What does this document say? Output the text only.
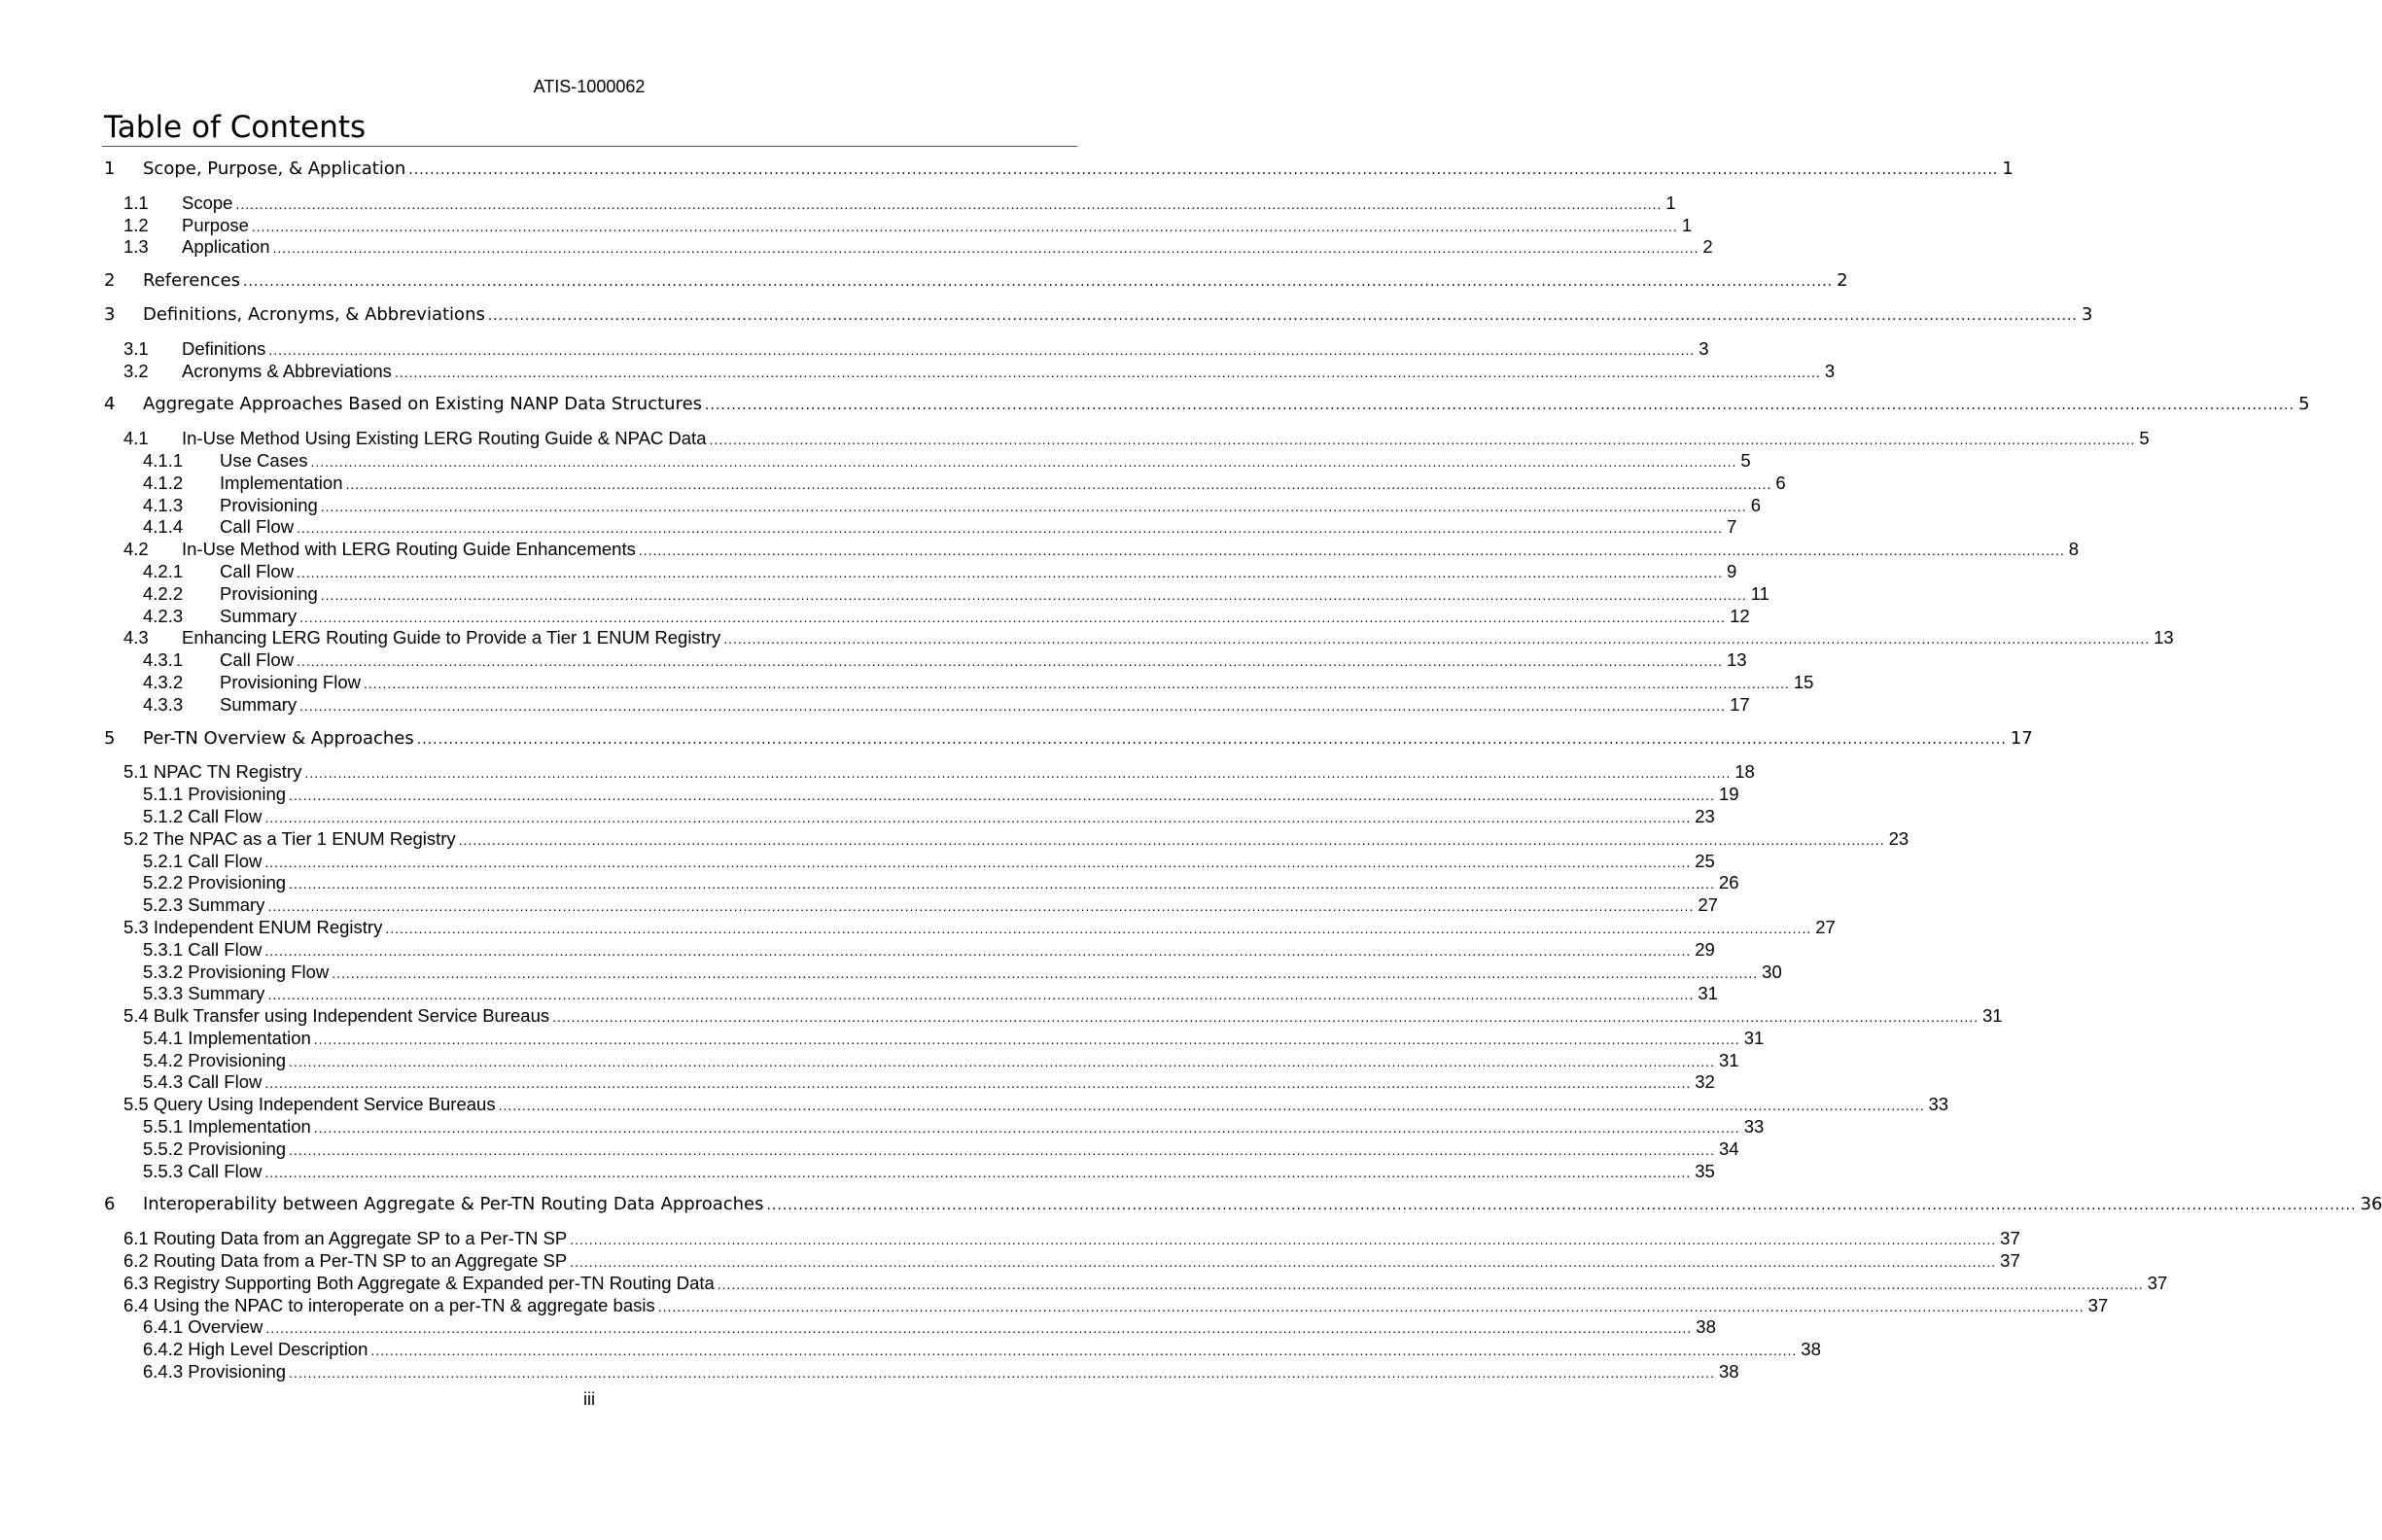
ATIS-1000062
Table of Contents
1 Scope, Purpose, & Application ............................................................................................................................................................................................................................................................................................................ 1
1.1 Scope ............................................................................................................................................................................................................................................................................................................ 1
1.2 Purpose ............................................................................................................................................................................................................................................................................................................ 1
1.3 Application ............................................................................................................................................................................................................................................................................................................ 2
2 References ............................................................................................................................................................................................................................................................................................................ 2
3 Definitions, Acronyms, & Abbreviations ............................................................................................................................................................................................................................................................................................................ 3
3.1 Definitions ............................................................................................................................................................................................................................................................................................................ 3
3.2 Acronyms & Abbreviations ............................................................................................................................................................................................................................................................................................................ 3
4 Aggregate Approaches Based on Existing NANP Data Structures ............................................................................................................................................................................................................................................................................................................ 5
4.1 In-Use Method Using Existing LERG Routing Guide & NPAC Data ............................................................................................................................................................................................................................................................................................................ 5
4.1.1 Use Cases ............................................................................................................................................................................................................................................................................................................ 5
4.1.2 Implementation ............................................................................................................................................................................................................................................................................................................ 6
4.1.3 Provisioning ............................................................................................................................................................................................................................................................................................................ 6
4.1.4 Call Flow ............................................................................................................................................................................................................................................................................................................ 7
4.2 In-Use Method with LERG Routing Guide Enhancements ............................................................................................................................................................................................................................................................................................................ 8
4.2.1 Call Flow ............................................................................................................................................................................................................................................................................................................ 9
4.2.2 Provisioning ............................................................................................................................................................................................................................................................................................................ 11
4.2.3 Summary ............................................................................................................................................................................................................................................................................................................ 12
4.3 Enhancing LERG Routing Guide to Provide a Tier 1 ENUM Registry ............................................................................................................................................................................................................................................................................................................ 13
4.3.1 Call Flow ............................................................................................................................................................................................................................................................................................................ 13
4.3.2 Provisioning Flow ............................................................................................................................................................................................................................................................................................................ 15
4.3.3 Summary ............................................................................................................................................................................................................................................................................................................ 17
5 Per-TN Overview & Approaches ............................................................................................................................................................................................................................................................................................................ 17
5.1 NPAC TN Registry ............................................................................................................................................................................................................................................................................................................ 18
5.1.1 Provisioning ............................................................................................................................................................................................................................................................................................................ 19
5.1.2 Call Flow ............................................................................................................................................................................................................................................................................................................ 23
5.2 The NPAC as a Tier 1 ENUM Registry ............................................................................................................................................................................................................................................................................................................ 23
5.2.1 Call Flow ............................................................................................................................................................................................................................................................................................................ 25
5.2.2 Provisioning ............................................................................................................................................................................................................................................................................................................ 26
5.2.3 Summary ............................................................................................................................................................................................................................................................................................................ 27
5.3 Independent ENUM Registry ............................................................................................................................................................................................................................................................................................................ 27
5.3.1 Call Flow ............................................................................................................................................................................................................................................................................................................ 29
5.3.2 Provisioning Flow ............................................................................................................................................................................................................................................................................................................ 30
5.3.3 Summary ............................................................................................................................................................................................................................................................................................................ 31
5.4 Bulk Transfer using Independent Service Bureaus ............................................................................................................................................................................................................................................................................................................ 31
5.4.1 Implementation ............................................................................................................................................................................................................................................................................................................ 31
5.4.2 Provisioning ............................................................................................................................................................................................................................................................................................................ 31
5.4.3 Call Flow ............................................................................................................................................................................................................................................................................................................ 32
5.5 Query Using Independent Service Bureaus ............................................................................................................................................................................................................................................................................................................ 33
5.5.1 Implementation ............................................................................................................................................................................................................................................................................................................ 33
5.5.2 Provisioning ............................................................................................................................................................................................................................................................................................................ 34
5.5.3 Call Flow ............................................................................................................................................................................................................................................................................................................ 35
6 Interoperability between Aggregate & Per-TN Routing Data Approaches ............................................................................................................................................................................................................................................................................................................ 36
6.1 Routing Data from an Aggregate SP to a Per-TN SP ............................................................................................................................................................................................................................................................................................................ 37
6.2 Routing Data from a Per-TN SP to an Aggregate SP ............................................................................................................................................................................................................................................................................................................ 37
6.3 Registry Supporting Both Aggregate & Expanded per-TN Routing Data ............................................................................................................................................................................................................................................................................................................ 37
6.4 Using the NPAC to interoperate on a per-TN & aggregate basis ............................................................................................................................................................................................................................................................................................................ 37
6.4.1 Overview ............................................................................................................................................................................................................................................................................................................ 38
6.4.2 High Level Description ............................................................................................................................................................................................................................................................................................................ 38
6.4.3 Provisioning ............................................................................................................................................................................................................................................................................................................ 38
iii
